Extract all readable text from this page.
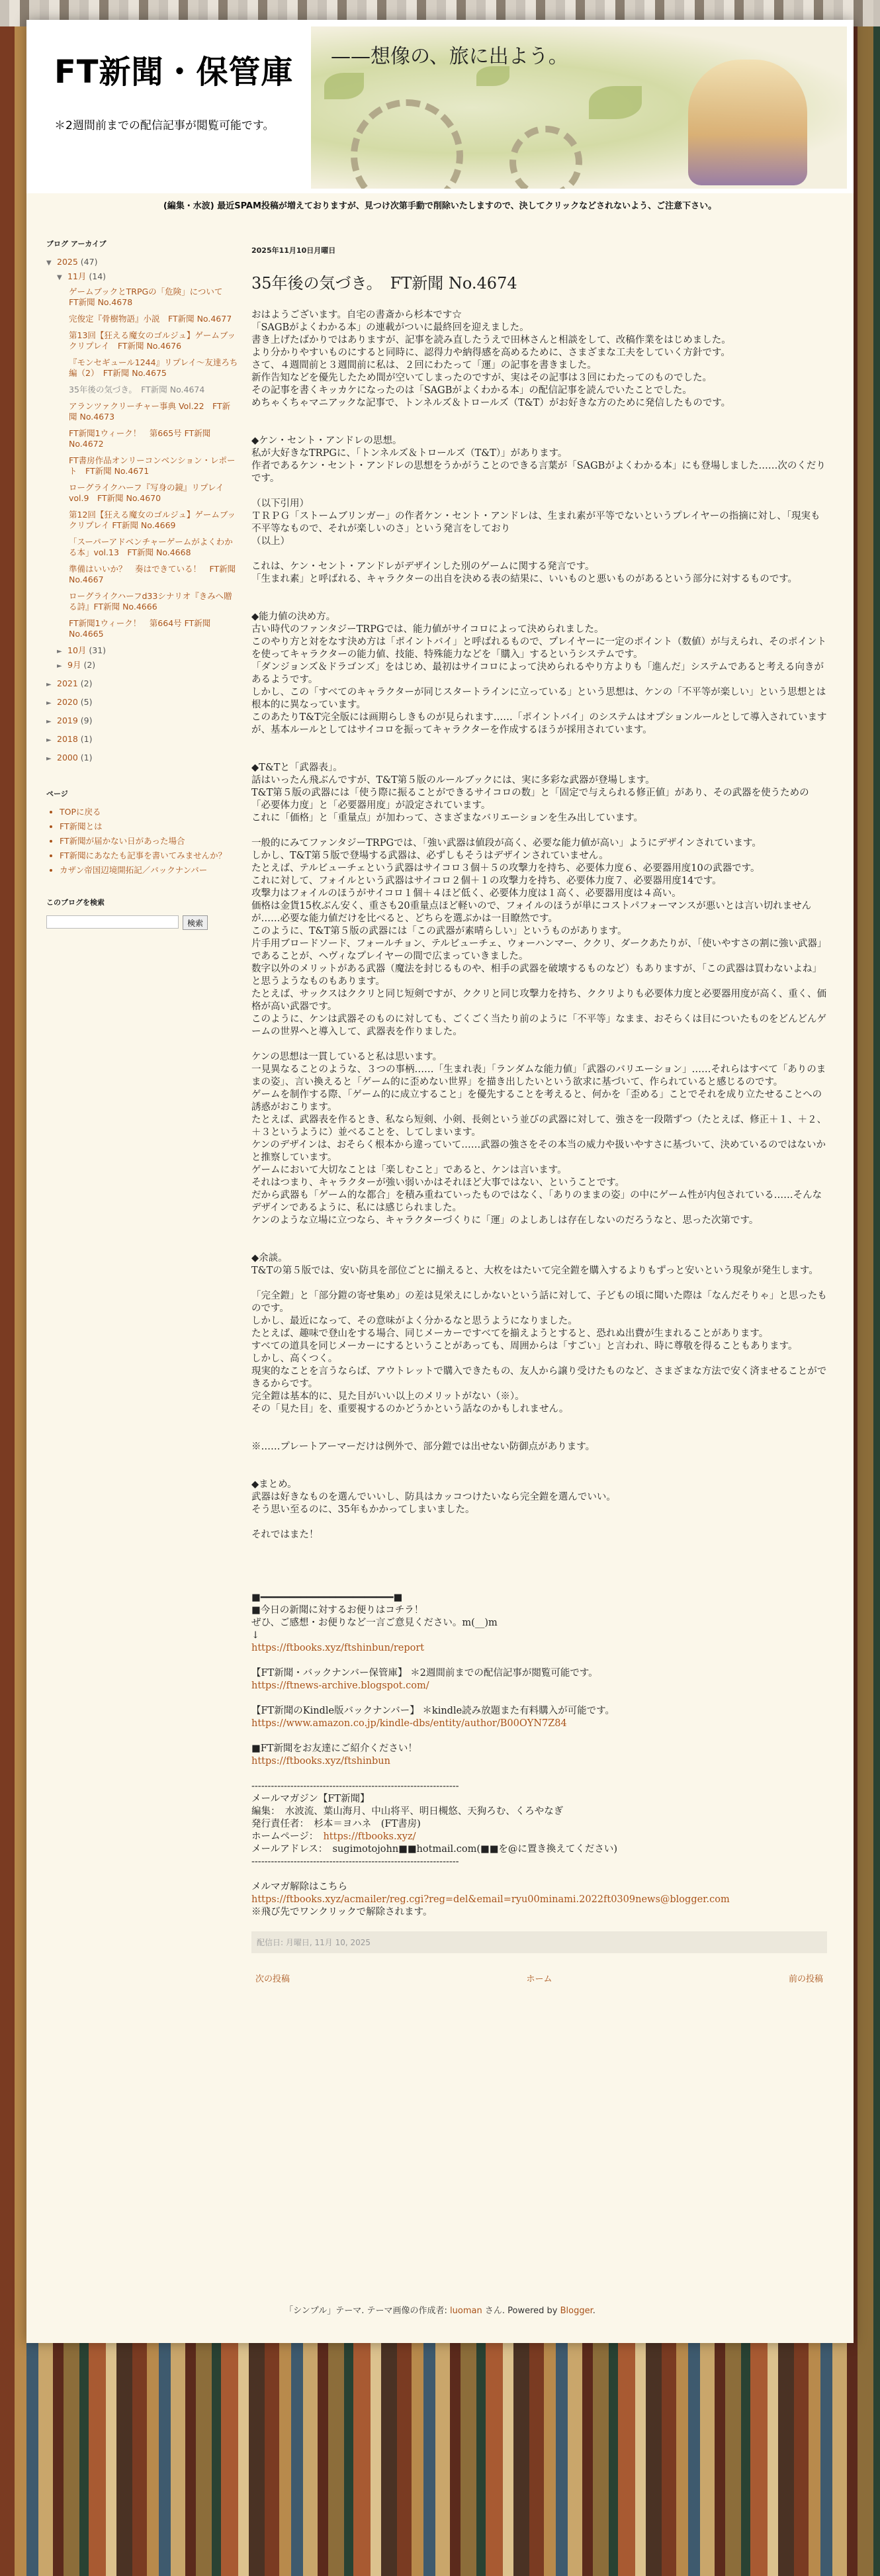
FT新聞・保管庫
＊2週間前までの配信記事が閲覧可能です。
——想像の、旅に出よう。
(編集・水波) 最近SPAM投稿が増えておりますが、見つけ次第手動で削除いたしますので、決してクリックなどされないよう、ご注意下さい。
ブログ アーカイブ
▼ 2025 (47)
▼ 11月 (14)
ゲームブックとTRPGの「危険」について　FT新聞 No.4678
完俊定『骨樹物語』小説　FT新聞 No.4677
第13回【狂える魔女のゴルジュ】ゲームブックリプレイ　FT新聞 No.4676
『モンセギュール1244』リプレイ～友達ろち編（2）　FT新聞 No.4675
35年後の気づき。　FT新聞 No.4674
アランツァクリーチャー事典 Vol.22　FT新聞 No.4673
FT新聞1ウィーク！　第665号 FT新聞 No.4672
FT書房作品オンリーコンベンション・レポート　FT新聞 No.4671
ローグライクハーフ『写身の鏡』リプレイvol.9　FT新聞 No.4670
第12回【狂える魔女のゴルジュ】ゲームブックリプレイ FT新聞 No.4669
「スーパーアドベンチャーゲームがよくわかる本」vol.13　FT新聞 No.4668
準備はいいか？　奏はできている！　FT新聞 No.4667
ローグライクハーフd33シナリオ『きみへ贈る詩』FT新聞 No.4666
FT新聞1ウィーク！　第664号 FT新聞 No.4665
► 10月 (31)
► 9月 (2)
► 2021 (2)
► 2020 (5)
► 2019 (9)
► 2018 (1)
► 2000 (1)
ページ
• TOPに戻る
• FT新聞とは
• FT新聞が届かない日があった場合
• FT新聞にあなたも記事を書いてみませんか？
• カザン帝国辺境開拓記／バックナンバー
このブログを検索
検索
2025年11月10日月曜日
35年後の気づき。　FT新聞 No.4674

おはようございます。自宅の書斎から杉本です☆
「SAGBがよくわかる本」の連載がついに最終回を迎えました。
書き上げたばかりではありますが、記事を読み直したうえで田林さんと相談をして、改稿作業をはじめました。
より分かりやすいものにすると同時に、認得力や納得感を高めるために、さまざまな工夫をしていく方針です。
さて、４週間前と３週間前に私は、２回にわたって「運」の記事を書きました。
新作告知などを優先したため間が空いてしまったのですが、実はその記事は３回にわたってのものでした。
その記事を書くキッカケになったのは「SAGBがよくわかる本」の配信記事を読んでいたことでした。
めちゃくちゃマニアックな記事で、トンネルズ＆トロールズ（T&T）がお好きな方のために発信したものです。

◆ケン・セント・アンドレの思想。
私が大好きなTRPGに、「トンネルズ＆トロールズ（T&T）」があります。
作者であるケン・セント・アンドレの思想をうかがうことのできる言葉が「SAGBがよくわかる本」にも登場しました……次のくだりです。

（以下引用）
ＴＲＰＧ「ストームブリンガー」の作者ケン・セント・アンドレは、生まれ素が平等でないというプレイヤーの指摘に対し、「現実も不平等なもので、それが楽しいのさ」という発言をしており
（以上）

これは、ケン・セント・アンドレがデザインした別のゲームに関する発言です。
「生まれ素」と呼ばれる、キャラクターの出自を決める表の結果に、いいものと悪いものがあるという部分に対するものです。

◆能力値の決め方。
古い時代のファンタジーTRPGでは、能力値がサイコロによって決められました。
このやり方と対をなす決め方は「ポイントバイ」と呼ばれるもので、プレイヤーに一定のポイント（数値）が与えられ、そのポイントを使ってキャラクターの能力値、技能、特殊能力などを「購入」するというシステムです。
「ダンジョンズ＆ドラゴンズ」をはじめ、最初はサイコロによって決められるやり方よりも「進んだ」システムであると考える向きがあるようです。
しかし、この「すべてのキャラクターが同じスタートラインに立っている」という思想は、ケンの「不平等が楽しい」という思想とは根本的に異なっています。
このあたりT&T完全版には画期らしきものが見られます……「ポイントバイ」のシステムはオプションルールとして導入されていますが、基本ルールとしてはサイコロを振ってキャラクターを作成するほうが採用されています。

◆T&Tと「武器表」。
話はいったん飛ぶんですが、T&T第５版のルールブックには、実に多彩な武器が登場します。
T&T第５版の武器には「使う際に振ることができるサイコロの数」と「固定で与えられる修正値」があり、その武器を使うための「必要体力度」と「必要器用度」が設定されています。
これに「価格」と「重量点」が加わって、さまざまなバリエーションを生み出しています。

一般的にみてファンタジーTRPGでは、「強い武器は値段が高く、必要な能力値が高い」ようにデザインされています。
しかし、T&T第５版で登場する武器は、必ずしもそうはデザインされていません。
たとえば、テルビューチェという武器はサイコロ３個＋５の攻撃力を持ち、必要体力度６、必要器用度10の武器です。
これに対して、フォイルという武器はサイコロ２個＋１の攻撃力を持ち、必要体力度７、必要器用度14です。
攻撃力はフォイルのほうがサイコロ１個＋４ほど低く、必要体力度は１高く、必要器用度は４高い。
価格は金貨15枚ぶん安く、重さも20重量点ほど軽いので、フォイルのほうが単にコストパフォーマンスが悪いとは言い切れませんが……必要な能力値だけを比べると、どちらを選ぶかは一目瞭然です。
このように、T&T第５版の武器には「この武器が素晴らしい」というものがあります。
片手用ブロードソード、フォールチョン、テルビューチェ、ウォーハンマー、ククリ、ダークあたりが、「使いやすさの割に強い武器」であることが、ヘヴィなプレイヤーの間で広まっていきました。
数字以外のメリットがある武器（魔法を封じるものや、相手の武器を破壊するものなど）もありますが、「この武器は買わないよね」と思うようなものもあります。
たとえば、サックスはククリと同じ短剣ですが、ククリと同じ攻撃力を持ち、ククリよりも必要体力度と必要器用度が高く、重く、価格が高い武器です。
このように、ケンは武器そのものに対しても、ごくごく当たり前のように「不平等」なまま、おそらくは目についたものをどんどんゲームの世界へと導入して、武器表を作りました。

ケンの思想は一貫していると私は思います。
一見異なることのような、３つの事柄……「生まれ表」「ランダムな能力値」「武器のバリエーション」……それらはすべて「ありのままの姿」、言い換えると「ゲーム的に歪めない世界」を描き出したいという欲求に基づいて、作られていると感じるのです。
ゲームを制作する際、「ゲーム的に成立すること」を優先することを考えると、何かを「歪める」ことでそれを成り立たせることへの誘惑がおこります。
たとえば、武器表を作るとき、私なら短剣、小剣、長剣という並びの武器に対して、強さを一段階ずつ（たとえば、修正＋１、＋２、＋３というように）並べることを、してしまいます。
ケンのデザインは、おそらく根本から違っていて……武器の強さをその本当の威力や扱いやすさに基づいて、決めているのではないかと推察しています。
ゲームにおいて大切なことは「楽しむこと」であると、ケンは言います。
それはつまり、キャラクターが強い弱いかはそれほど大事ではない、ということです。
だから武器も「ゲーム的な都合」を積み重ねていったものではなく、「ありのままの姿」の中にゲーム性が内包されている……そんなデザインであるように、私には感じられました。
ケンのような立場に立つなら、キャラクターづくりに「運」のよしあしは存在しないのだろうなと、思った次第です。

◆余談。
T&Tの第５版では、安い防具を部位ごとに揃えると、大枚をはたいて完全鎧を購入するよりもずっと安いという現象が発生します。

「完全鎧」と「部分鎧の寄せ集め」の差は見栄えにしかないという話に対して、子どもの頃に聞いた際は「なんだそりゃ」と思ったものです。
しかし、最近になって、その意味がよく分かるなと思うようになりました。
たとえば、趣味で登山をする場合、同じメーカーですべてを揃えようとすると、恐れぬ出費が生まれることがあります。
すべての道具を同じメーカーにするということがあっても、周囲からは「すごい」と言われ、時に尊敬を得ることもあります。
しかし、高くつく。
現実的なことを言うならば、アウトレットで購入できたもの、友人から譲り受けたものなど、さまざまな方法で安く済ませることができるからです。
完全鎧は基本的に、見た目がいい以上のメリットがない（※）。
その「見た目」を、重要視するのかどうかという話なのかもしれません。

※……プレートアーマーだけは例外で、部分鎧では出せない防御点があります。

◆まとめ。
武器は好きなものを選んでいいし、防具はカッコつけたいなら完全鎧を選んでいい。
そう思い至るのに、35年もかかってしまいました。

それではまた！

■━━━━━━━━━━━━━━━━━━━━━━━■

■今日の新聞に対するお便りはコチラ！
ぜひ、ご感想・お便りなど一言ご意見ください。m(__)m
↓

https://ftbooks.xyz/ftshinbun/report

【FT新聞・バックナンバー保管庫】 ＊2週間前までの配信記事が閲覧可能です。

https://ftnews-archive.blogspot.com/

【FT新聞のKindle版バックナンバー】 ＊kindle読み放題また有料購入が可能です。

https://www.amazon.co.jp/kindle-dbs/entity/author/B00OYN7Z84

■FT新聞をお友達にご紹介ください！

https://ftbooks.xyz/ftshinbun

----------------------------------------------------------------

メールマガジン【FT新聞】

編集：　水波流、葉山海月、中山将平、明日槻悠、天狗ろむ、くろやなぎ

発行責任者：　杉本＝ヨハネ　(FT書房)

ホームページ：　https://ftbooks.xyz/

メールアドレス：　sugimotojohn■■hotmail.com(■■を@に置き換えてください)

----------------------------------------------------------------

メルマガ解除はこちら

https://ftbooks.xyz/acmailer/reg.cgi?reg=del&email=ryu00minami.2022ft0309news@blogger.com

※飛び先でワンクリックで解除されます。

配信日: 月曜日, 11月 10, 2025
次の投稿	ホーム	前の投稿
「シンプル」テーマ. テーマ画像の作成者: luoman さん. Powered by Blogger.
